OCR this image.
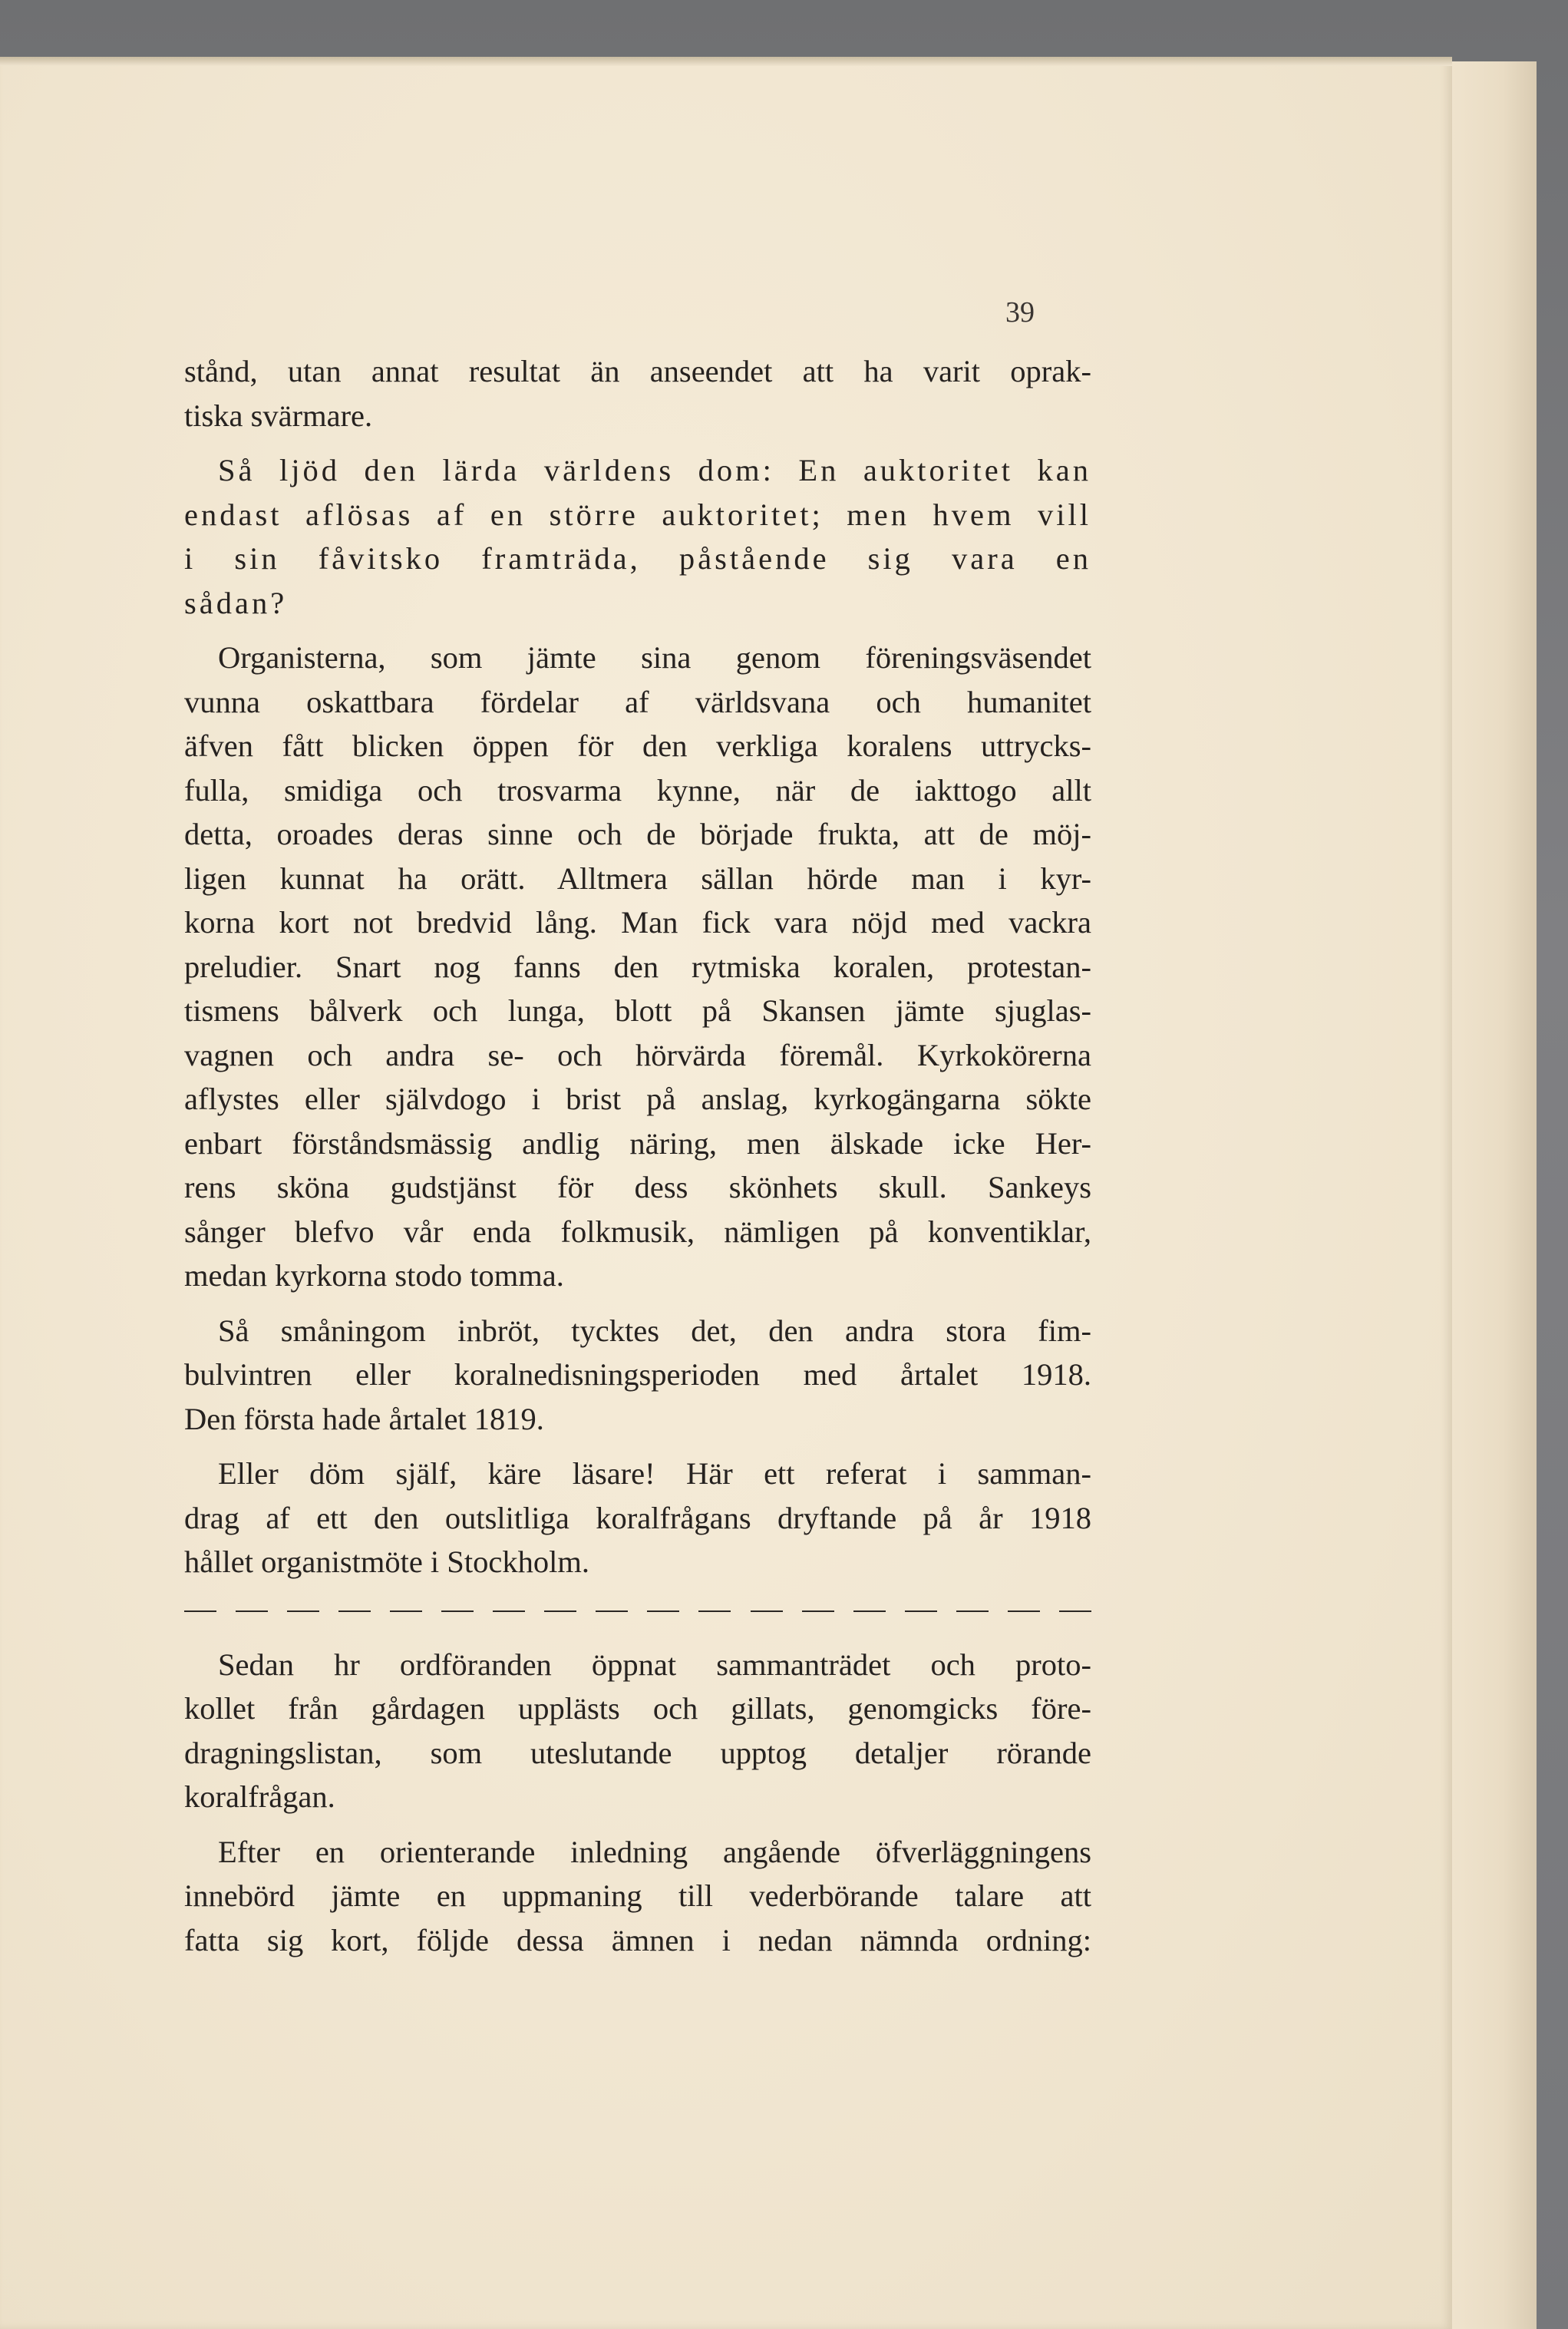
39

stånd, utan annat resultat än anseendet att ha varit oprak-
tiska svärmare.

Så ljöd den lärda världens dom: En auktoritet kan
endast aflösas af en större auktoritet; men hvem vill
i sin fåvitsko framträda, påstående sig vara en
sådan?

Organisterna, som jämte sina genom föreningsväsendet
vunna oskattbara fördelar af världsvana och humanitet
äfven fått blicken öppen för den verkliga koralens uttrycks-
fulla, smidiga och trosvarma kynne, när de iakttogo allt
detta, oroades deras sinne och de började frukta, att de möj-
ligen kunnat ha orätt. Alltmera sällan hörde man i kyr-
korna kort not bredvid lång. Man fick vara nöjd med vackra
preludier. Snart nog fanns den rytmiska koralen, protestan-
tismens bålverk och lunga, blott på Skansen jämte sjuglas-
vagnen och andra se- och hörvärda föremål. Kyrkokörerna
aflystes eller självdogo i brist på anslag, kyrkogängarna sökte
enbart förståndsmässig andlig näring, men älskade icke Her-
rens sköna gudstjänst för dess skönhets skull. Sankeys
sånger blefvo vår enda folkmusik, nämligen på konventiklar,
medan kyrkorna stodo tomma.

Så småningom inbröt, tycktes det, den andra stora fim-
bulvintren eller koralnedisningsperioden med årtalet 1918.
Den första hade årtalet 1819.

Eller döm själf, käre läsare! Här ett referat i samman-
drag af ett den outslitliga koralfrågans dryftande på år 1918
hållet organistmöte i Stockholm.

Sedan hr ordföranden öppnat sammanträdet och proto-
kollet från gårdagen upplästs och gillats, genomgicks före-
dragningslistan, som uteslutande upptog detaljer rörande
koralfrågan.

Efter en orienterande inledning angående öfverläggningens
innebörd jämte en uppmaning till vederbörande talare att
fatta sig kort, följde dessa ämnen i nedan nämnda ordning:
